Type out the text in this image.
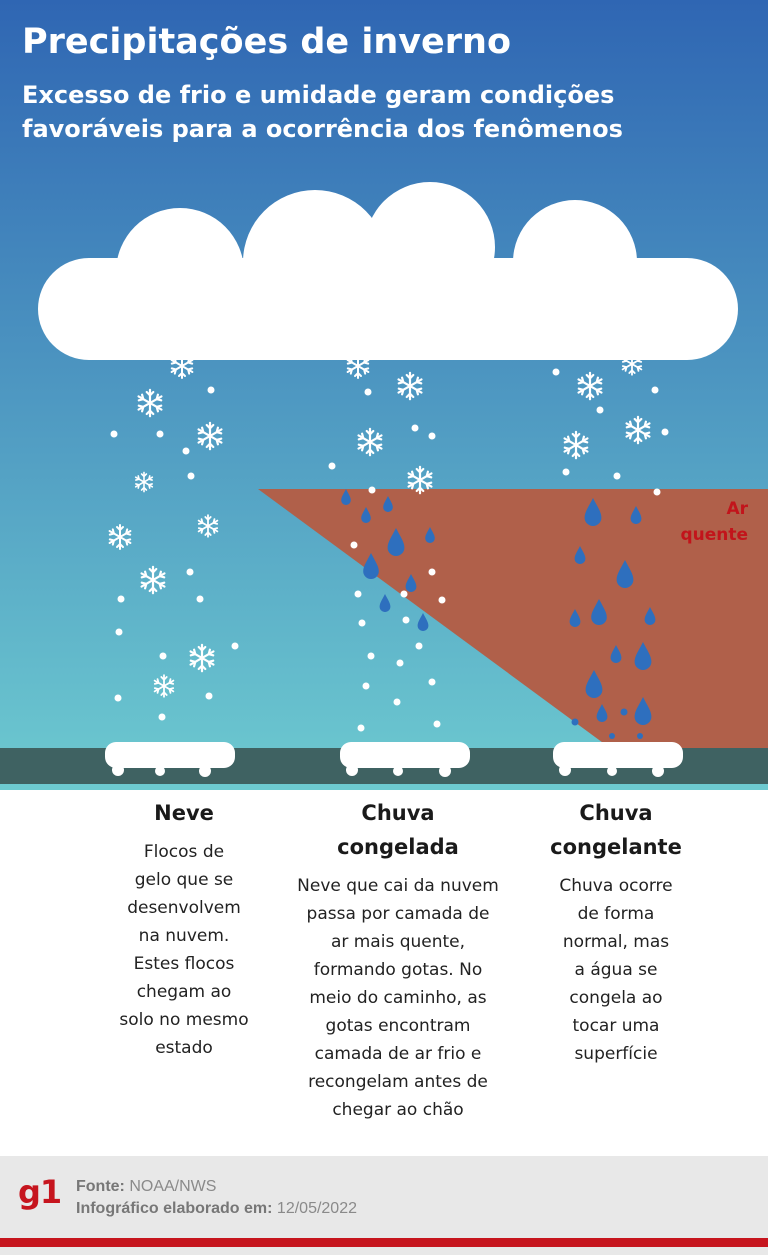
Ar
quente
Precipitações de inverno

Excesso de frio e umidade geram condições favoráveis para a ocorrência dos fenômenos

Neve

Flocos de
gelo que se
desenvolvem
na nuvem.
Estes flocos
chegam ao
solo no mesmo
estado

Chuva
congelada

Neve que cai da nuvem
passa por camada de
ar mais quente,
formando gotas. No
meio do caminho, as
gotas encontram
camada de ar frio e
recongelam antes de
chegar ao chão

Chuva
congelante

Chuva ocorre
de forma
normal, mas
a água se
congela ao
tocar uma
superfície

g1 Fonte: NOAA/NWS
Infográfico elaborado em: 12/05/2022
